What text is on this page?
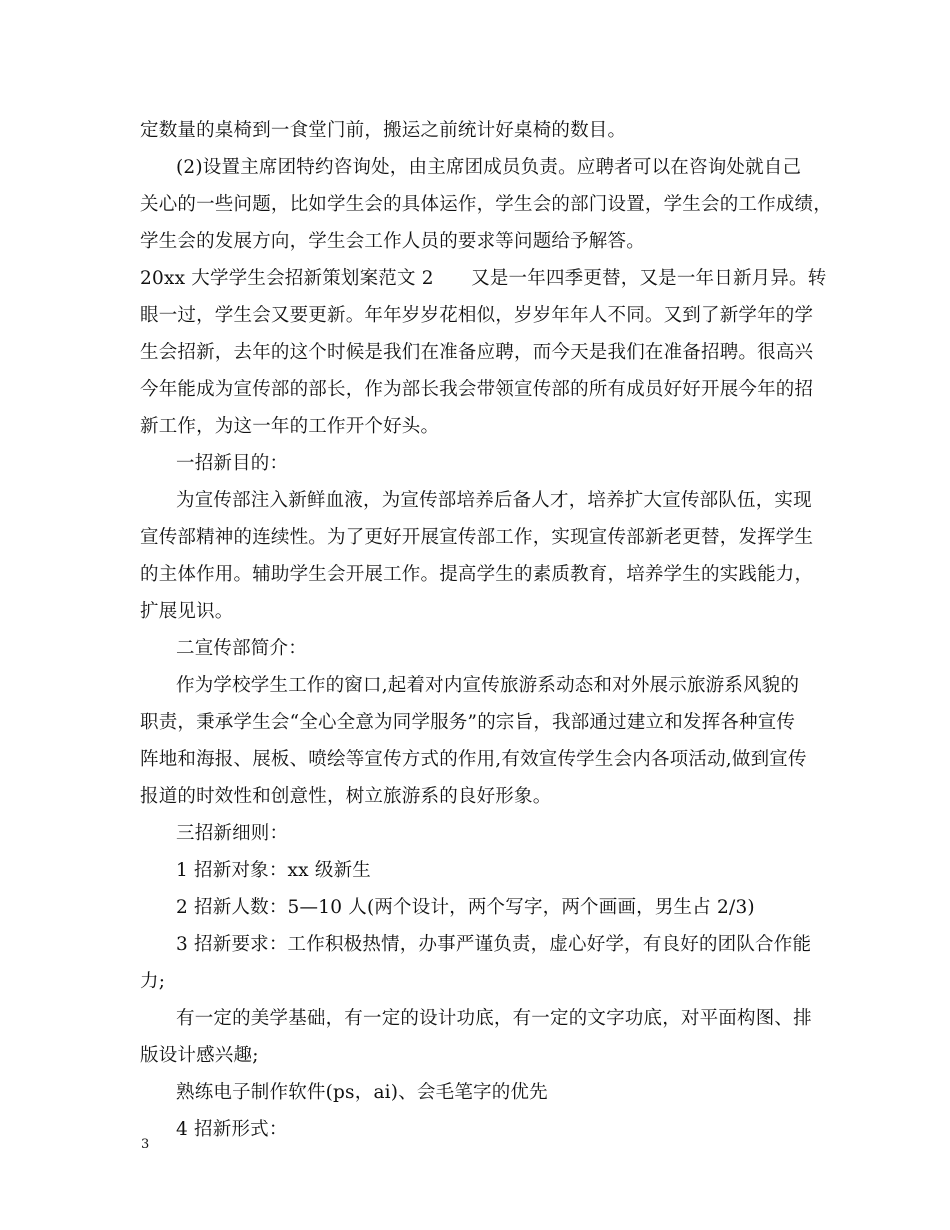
定数量的桌椅到一食堂门前，搬运之前统计好桌椅的数目。
(2)设置主席团特约咨询处，由主席团成员负责。应聘者可以在咨询处就自己
关心的一些问题，比如学生会的具体运作，学生会的部门设置，学生会的工作成绩，
学生会的发展方向，学生会工作人员的要求等问题给予解答。
20xx 大学学生会招新策划案范文 2　　又是一年四季更替，又是一年日新月异。转
眼一过，学生会又要更新。年年岁岁花相似，岁岁年年人不同。又到了新学年的学
生会招新，去年的这个时候是我们在准备应聘，而今天是我们在准备招聘。很高兴
今年能成为宣传部的部长，作为部长我会带领宣传部的所有成员好好开展今年的招
新工作，为这一年的工作开个好头。
一招新目的：
为宣传部注入新鲜血液，为宣传部培养后备人才，培养扩大宣传部队伍，实现
宣传部精神的连续性。为了更好开展宣传部工作，实现宣传部新老更替，发挥学生
的主体作用。辅助学生会开展工作。提高学生的素质教育，培养学生的实践能力，
扩展见识。
二宣传部简介：
作为学校学生工作的窗口,起着对内宣传旅游系动态和对外展示旅游系风貌的
职责，秉承学生会“全心全意为同学服务”的宗旨，我部通过建立和发挥各种宣传
阵地和海报、展板、喷绘等宣传方式的作用,有效宣传学生会内各项活动,做到宣传
报道的时效性和创意性，树立旅游系的良好形象。
三招新细则：
1 招新对象：xx 级新生
2 招新人数：5—10 人(两个设计，两个写字，两个画画，男生占 2/3)
3 招新要求：工作积极热情，办事严谨负责，虚心好学，有良好的团队合作能
力;
有一定的美学基础，有一定的设计功底，有一定的文字功底，对平面构图、排
版设计感兴趣;
熟练电子制作软件(ps，ai)、会毛笔字的优先
4 招新形式：
3
